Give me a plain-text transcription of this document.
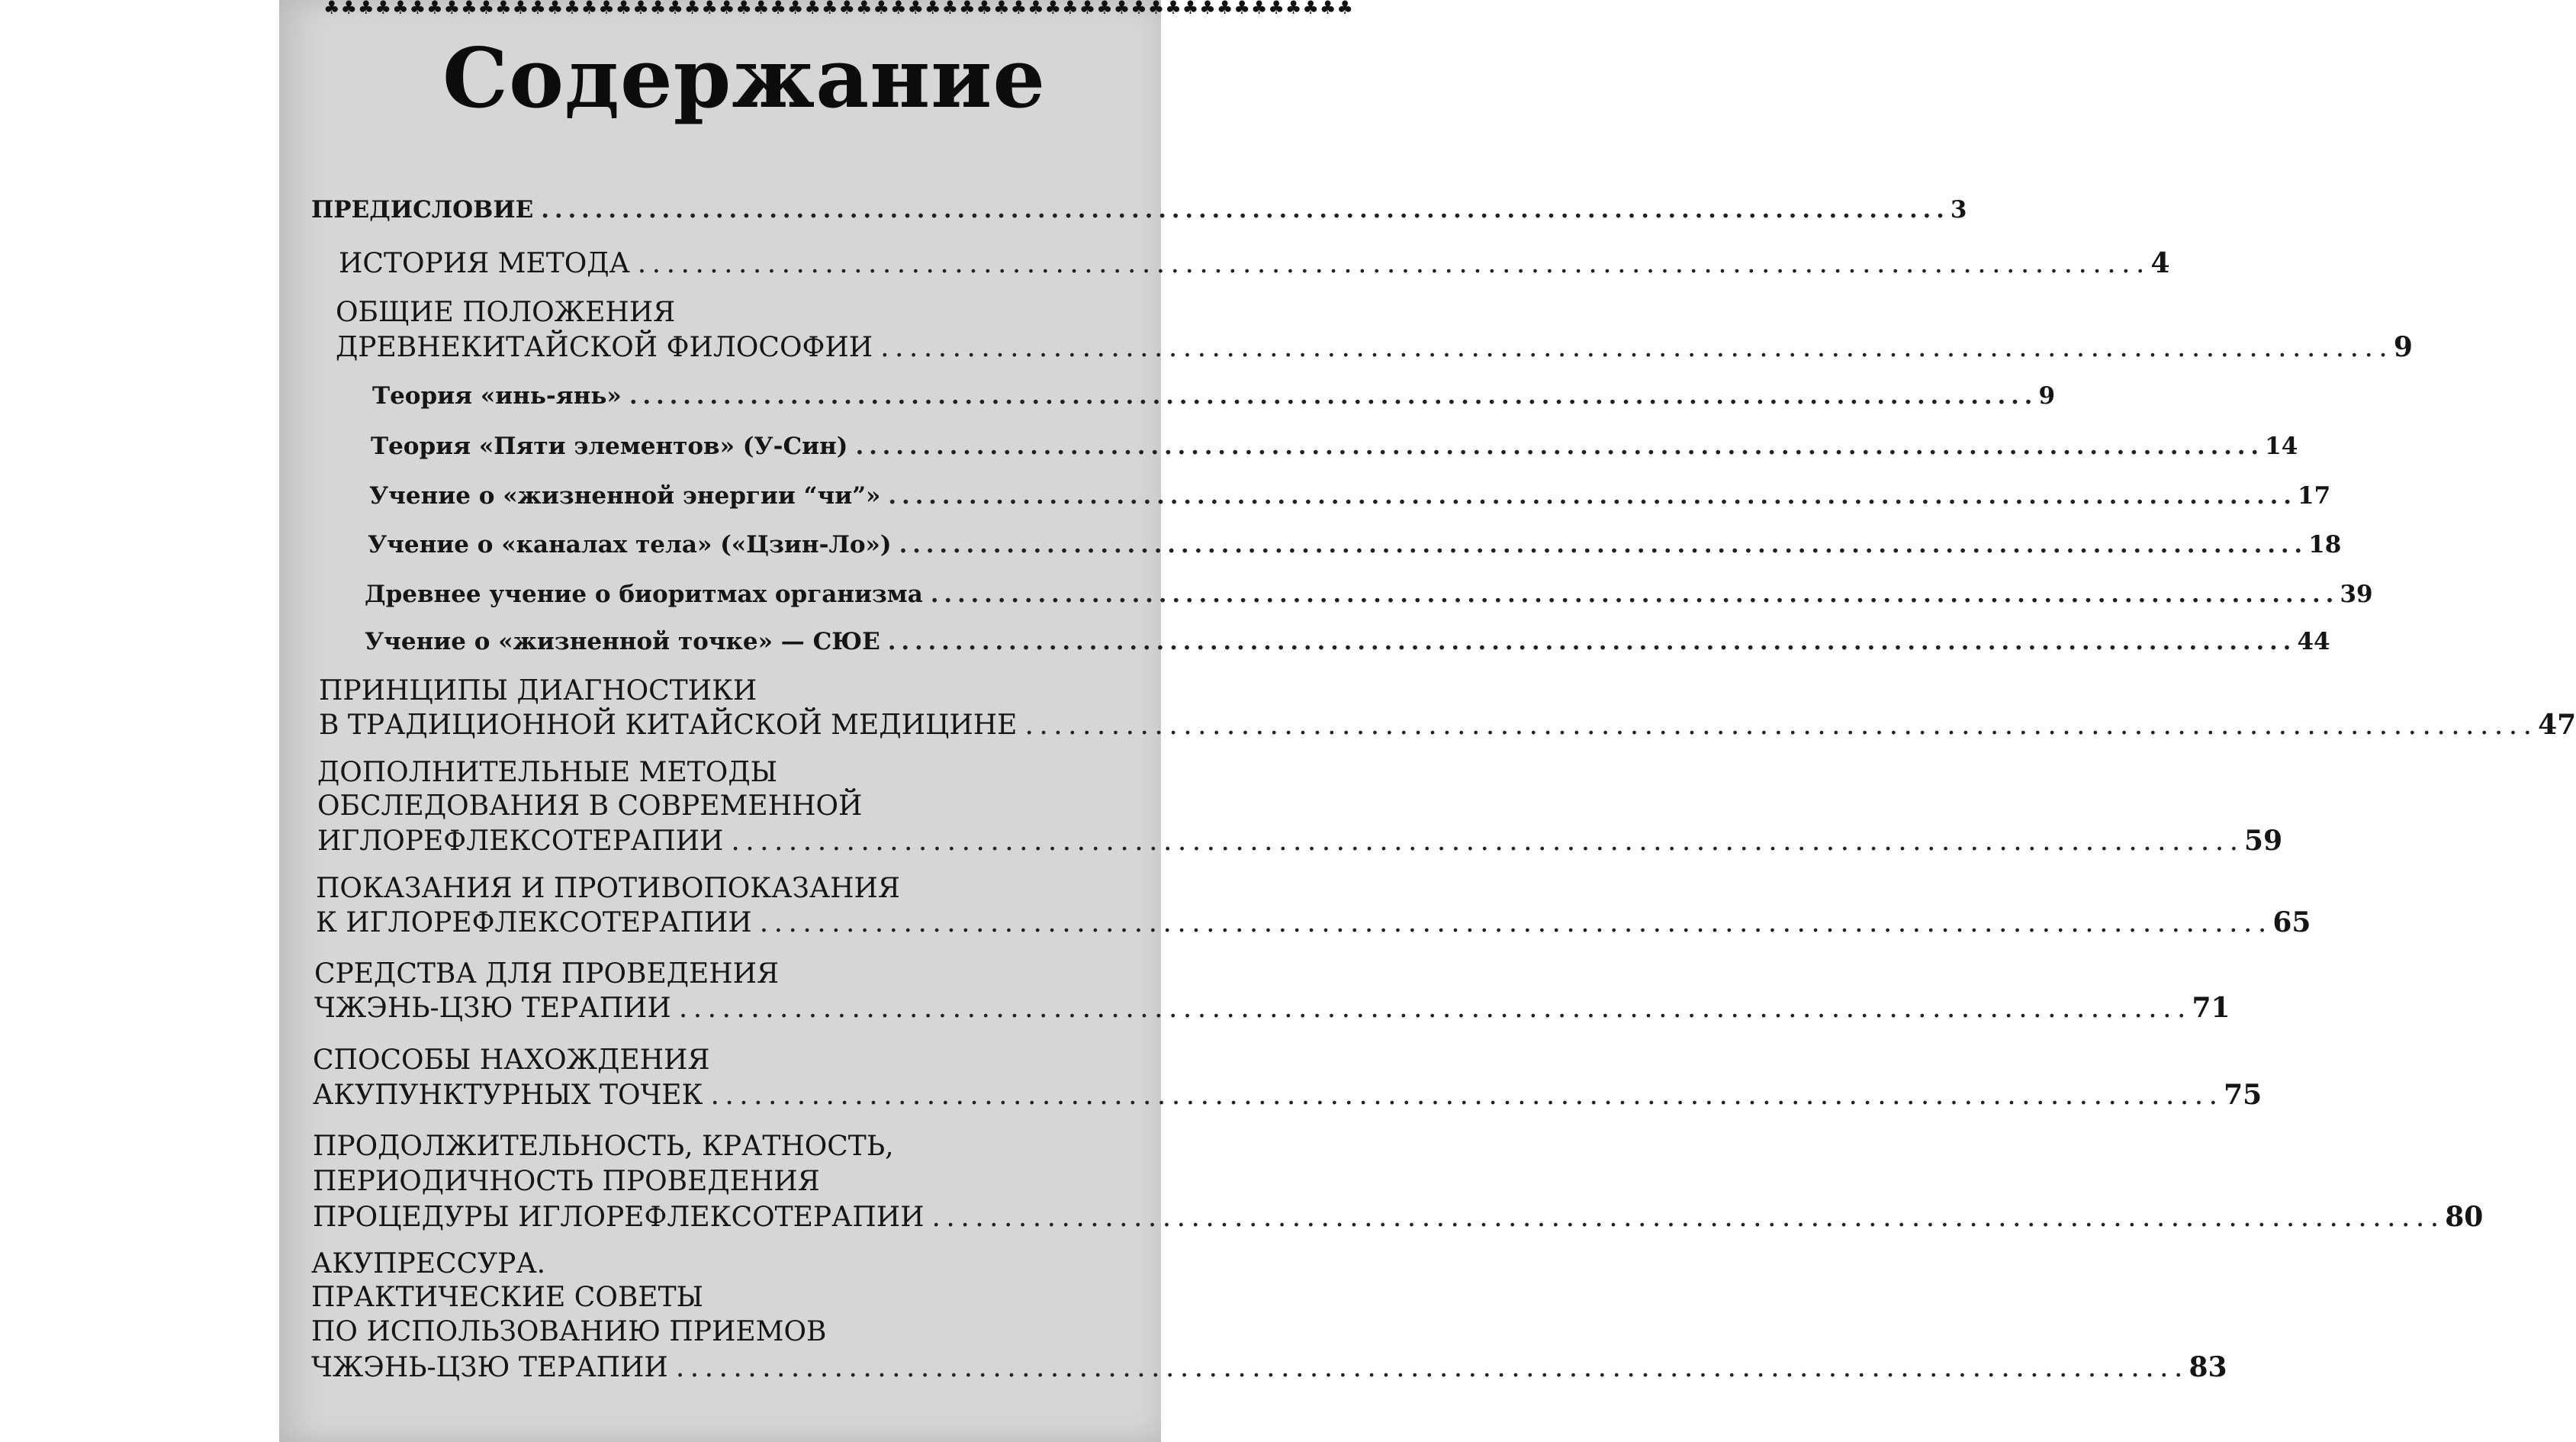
♣♣♣♣♣♣♣♣♣♣♣♣♣♣♣♣♣♣♣♣♣♣♣♣♣♣♣♣♣♣♣♣♣♣♣♣♣♣♣♣♣♣♣♣♣♣♣♣♣♣♣♣♣♣♣♣♣♣♣♣
Содержание
ПРЕДИСЛОВИЕ . . .	3
ИСТОРИЯ МЕТОДА . . .	4
ОБЩИЕ ПОЛОЖЕНИЯ
ДРЕВНЕКИТАЙСКОЙ ФИЛОСОФИИ . . .	9
Теория «инь-янь» . . .	9
Теория «Пяти элементов» (У-Син) . . .	14
Учение о «жизненной энергии “чи”» . . .	17
Учение о «каналах тела» («Цзин-Ло») . . .	18
Древнее учение о биоритмах организма . . .	39
Учение о «жизненной точке» — СЮЕ . . .	44
ПРИНЦИПЫ ДИАГНОСТИКИ
В ТРАДИЦИОННОЙ КИТАЙСКОЙ МЕДИЦИНЕ . . .	47
ДОПОЛНИТЕЛЬНЫЕ МЕТОДЫ
ОБСЛЕДОВАНИЯ В СОВРЕМЕННОЙ
ИГЛОРЕФЛЕКСОТЕРАПИИ . . .	59
ПОКАЗАНИЯ И ПРОТИВОПОКАЗАНИЯ
К ИГЛОРЕФЛЕКСОТЕРАПИИ . . .	65
СРЕДСТВА ДЛЯ ПРОВЕДЕНИЯ
ЧЖЭНЬ-ЦЗЮ ТЕРАПИИ . . .	71
СПОСОБЫ НАХОЖДЕНИЯ
АКУПУНКТУРНЫХ ТОЧЕК . . .	75
ПРОДОЛЖИТЕЛЬНОСТЬ, КРАТНОСТЬ,
ПЕРИОДИЧНОСТЬ ПРОВЕДЕНИЯ
ПРОЦЕДУРЫ ИГЛОРЕФЛЕКСОТЕРАПИИ . . .	80
АКУПРЕССУРА.
ПРАКТИЧЕСКИЕ СОВЕТЫ
ПО ИСПОЛЬЗОВАНИЮ ПРИЕМОВ
ЧЖЭНЬ-ЦЗЮ ТЕРАПИИ . . .	83
